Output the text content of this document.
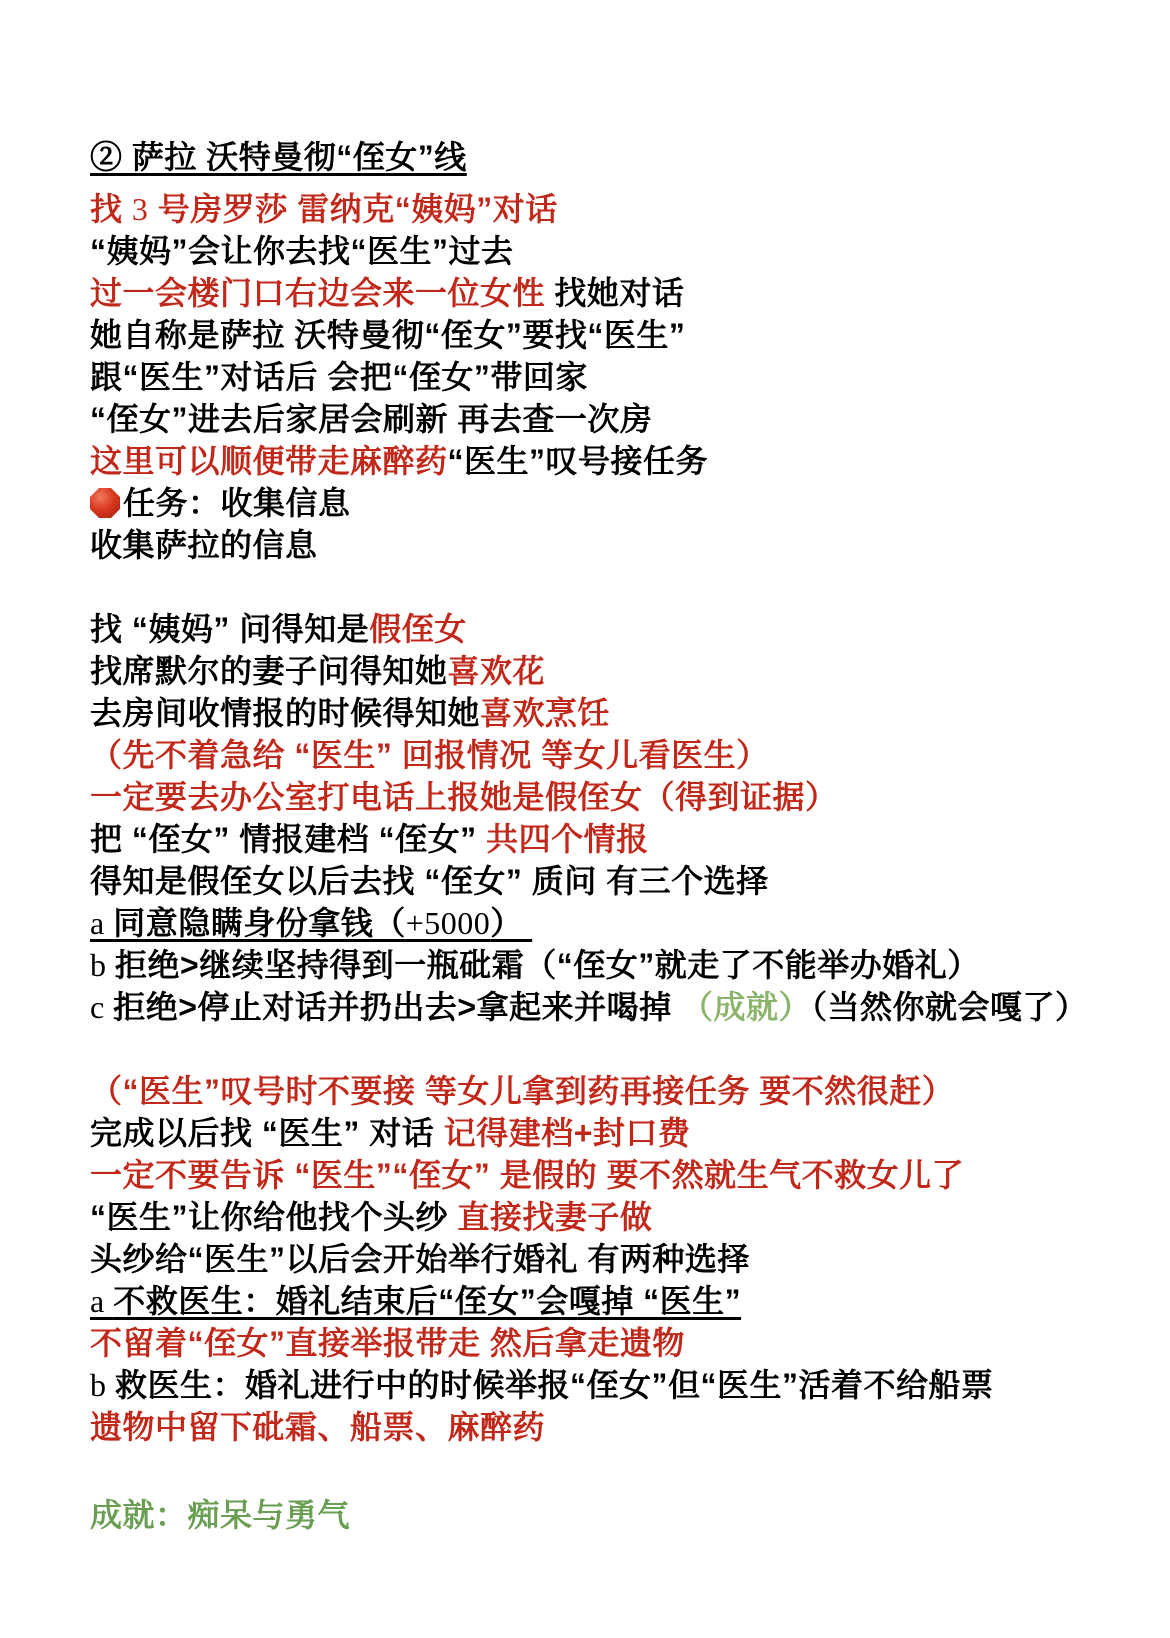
② 萨拉 沃特曼彻“侄女”线

找 3 号房罗莎 雷纳克“姨妈”对话

“姨妈”会让你去找“医生”过去

过一会楼门口右边会来一位女性 找她对话

她自称是萨拉 沃特曼彻“侄女”要找“医生”

跟“医生”对话后 会把“侄女”带回家

“侄女”进去后家居会刷新 再去查一次房

这里可以顺便带走麻醉药“医生”叹号接任务

任务：收集信息

收集萨拉的信息

找 “姨妈” 问得知是假侄女

找席默尔的妻子问得知她喜欢花

去房间收情报的时候得知她喜欢烹饪

（先不着急给 “医生” 回报情况 等女儿看医生）

一定要去办公室打电话上报她是假侄女（得到证据）

把 “侄女” 情报建档 “侄女” 共四个情报

得知是假侄女以后去找 “侄女” 质问 有三个选择

a 同意隐瞒身份拿钱（+5000）

b 拒绝>继续坚持得到一瓶砒霜（“侄女”就走了不能举办婚礼）

c 拒绝>停止对话并扔出去>拿起来并喝掉 （成就）（当然你就会嘎了）

（“医生”叹号时不要接 等女儿拿到药再接任务 要不然很赶）

完成以后找 “医生” 对话 记得建档+封口费

一定不要告诉 “医生”“侄女” 是假的 要不然就生气不救女儿了

“医生”让你给他找个头纱 直接找妻子做

头纱给“医生”以后会开始举行婚礼 有两种选择

a 不救医生：婚礼结束后“侄女”会嘎掉 “医生”

不留着“侄女”直接举报带走 然后拿走遗物

b 救医生：婚礼进行中的时候举报“侄女”但“医生”活着不给船票

遗物中留下砒霜、船票、麻醉药

成就：痴呆与勇气
